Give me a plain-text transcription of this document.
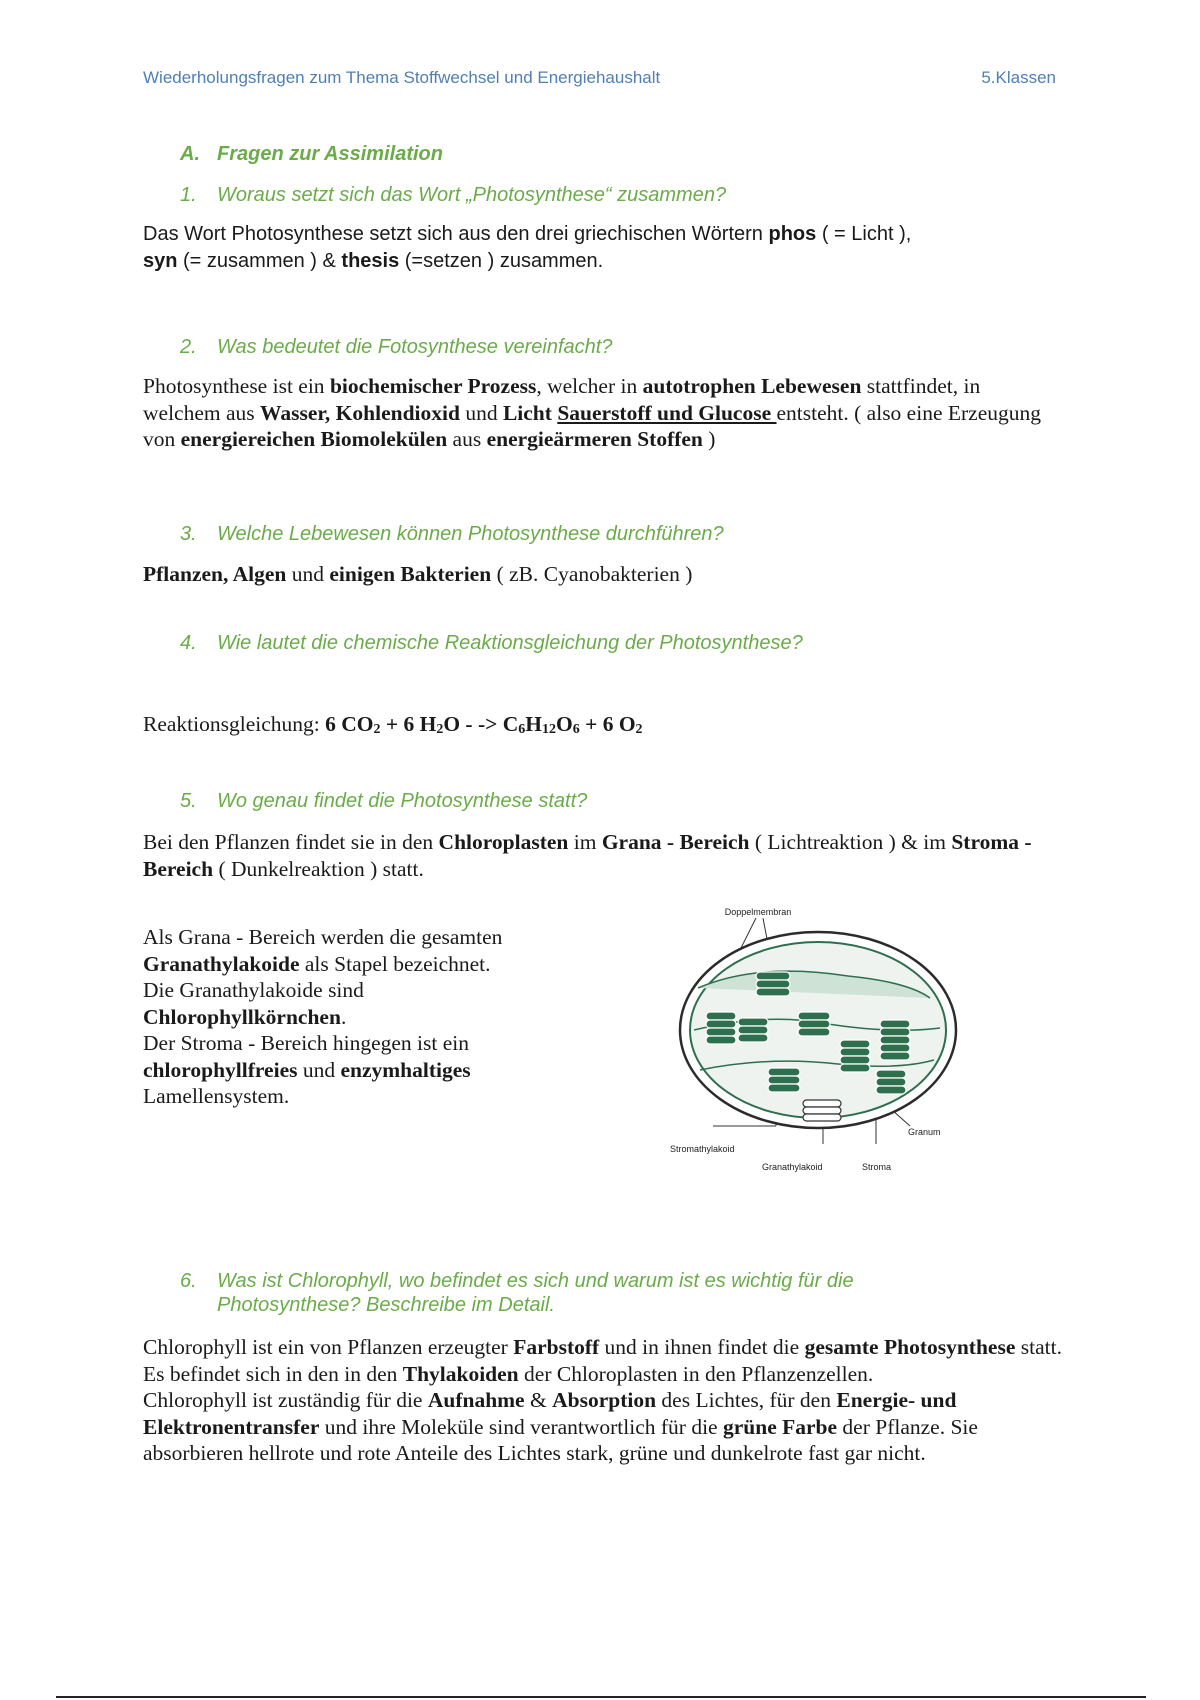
Wiederholungsfragen zum Thema Stoffwechsel und Energiehaushalt	5.Klassen
A. Fragen zur Assimilation
1. Woraus setzt sich das Wort „Photosynthese“ zusammen?
Das Wort Photosynthese setzt sich aus den drei griechischen Wörtern phos ( = Licht ),
syn (= zusammen ) & thesis (=setzen ) zusammen.
2. Was bedeutet die Fotosynthese vereinfacht?
Photosynthese ist ein biochemischer Prozess, welcher in autotrophen Lebewesen stattfindet, in welchem aus Wasser, Kohlendioxid und Licht Sauerstoff und Glucose entsteht. ( also eine Erzeugung von energiereichen Biomolekülen aus energieärmeren Stoffen )
3. Welche Lebewesen können Photosynthese durchführen?
Pflanzen, Algen und einigen Bakterien ( zB. Cyanobakterien )
4. Wie lautet die chemische Reaktionsgleichung der Photosynthese?
Reaktionsgleichung: 6 $CO_2 + 6$ $H_2O$ - -> $C_6H_{12}O_6 + 6$ $O_2$
5. Wo genau findet die Photosynthese statt?
Bei den Pflanzen findet sie in den Chloroplasten im Grana - Bereich ( Lichtreaktion ) & im Stroma - Bereich ( Dunkelreaktion ) statt.
Als Grana - Bereich werden die gesamten
Granathylakoide als Stapel bezeichnet.
Die Granathylakoide sind
Chlorophyllkörnchen.
Der Stroma - Bereich hingegen ist ein
chlorophyllfreies und enzymhaltiges
Lamellensystem.
Doppelmembran
Granum
Stromathylakoid
Granathylakoid	Stroma
6. Was ist Chlorophyll, wo befindet es sich und warum ist es wichtig für die
Photosynthese? Beschreibe im Detail.
Chlorophyll ist ein von Pflanzen erzeugter Farbstoff und in ihnen findet die gesamte Photosynthese statt. Es befindet sich in den in den Thylakoiden der Chloroplasten in den Pflanzenzellen.
Chlorophyll ist zuständig für die Aufnahme & Absorption des Lichtes, für den Energie- und Elektronentransfer und ihre Moleküle sind verantwortlich für die grüne Farbe der Pflanze. Sie absorbieren hellrote und rote Anteile des Lichtes stark, grüne und dunkelrote fast gar nicht.
